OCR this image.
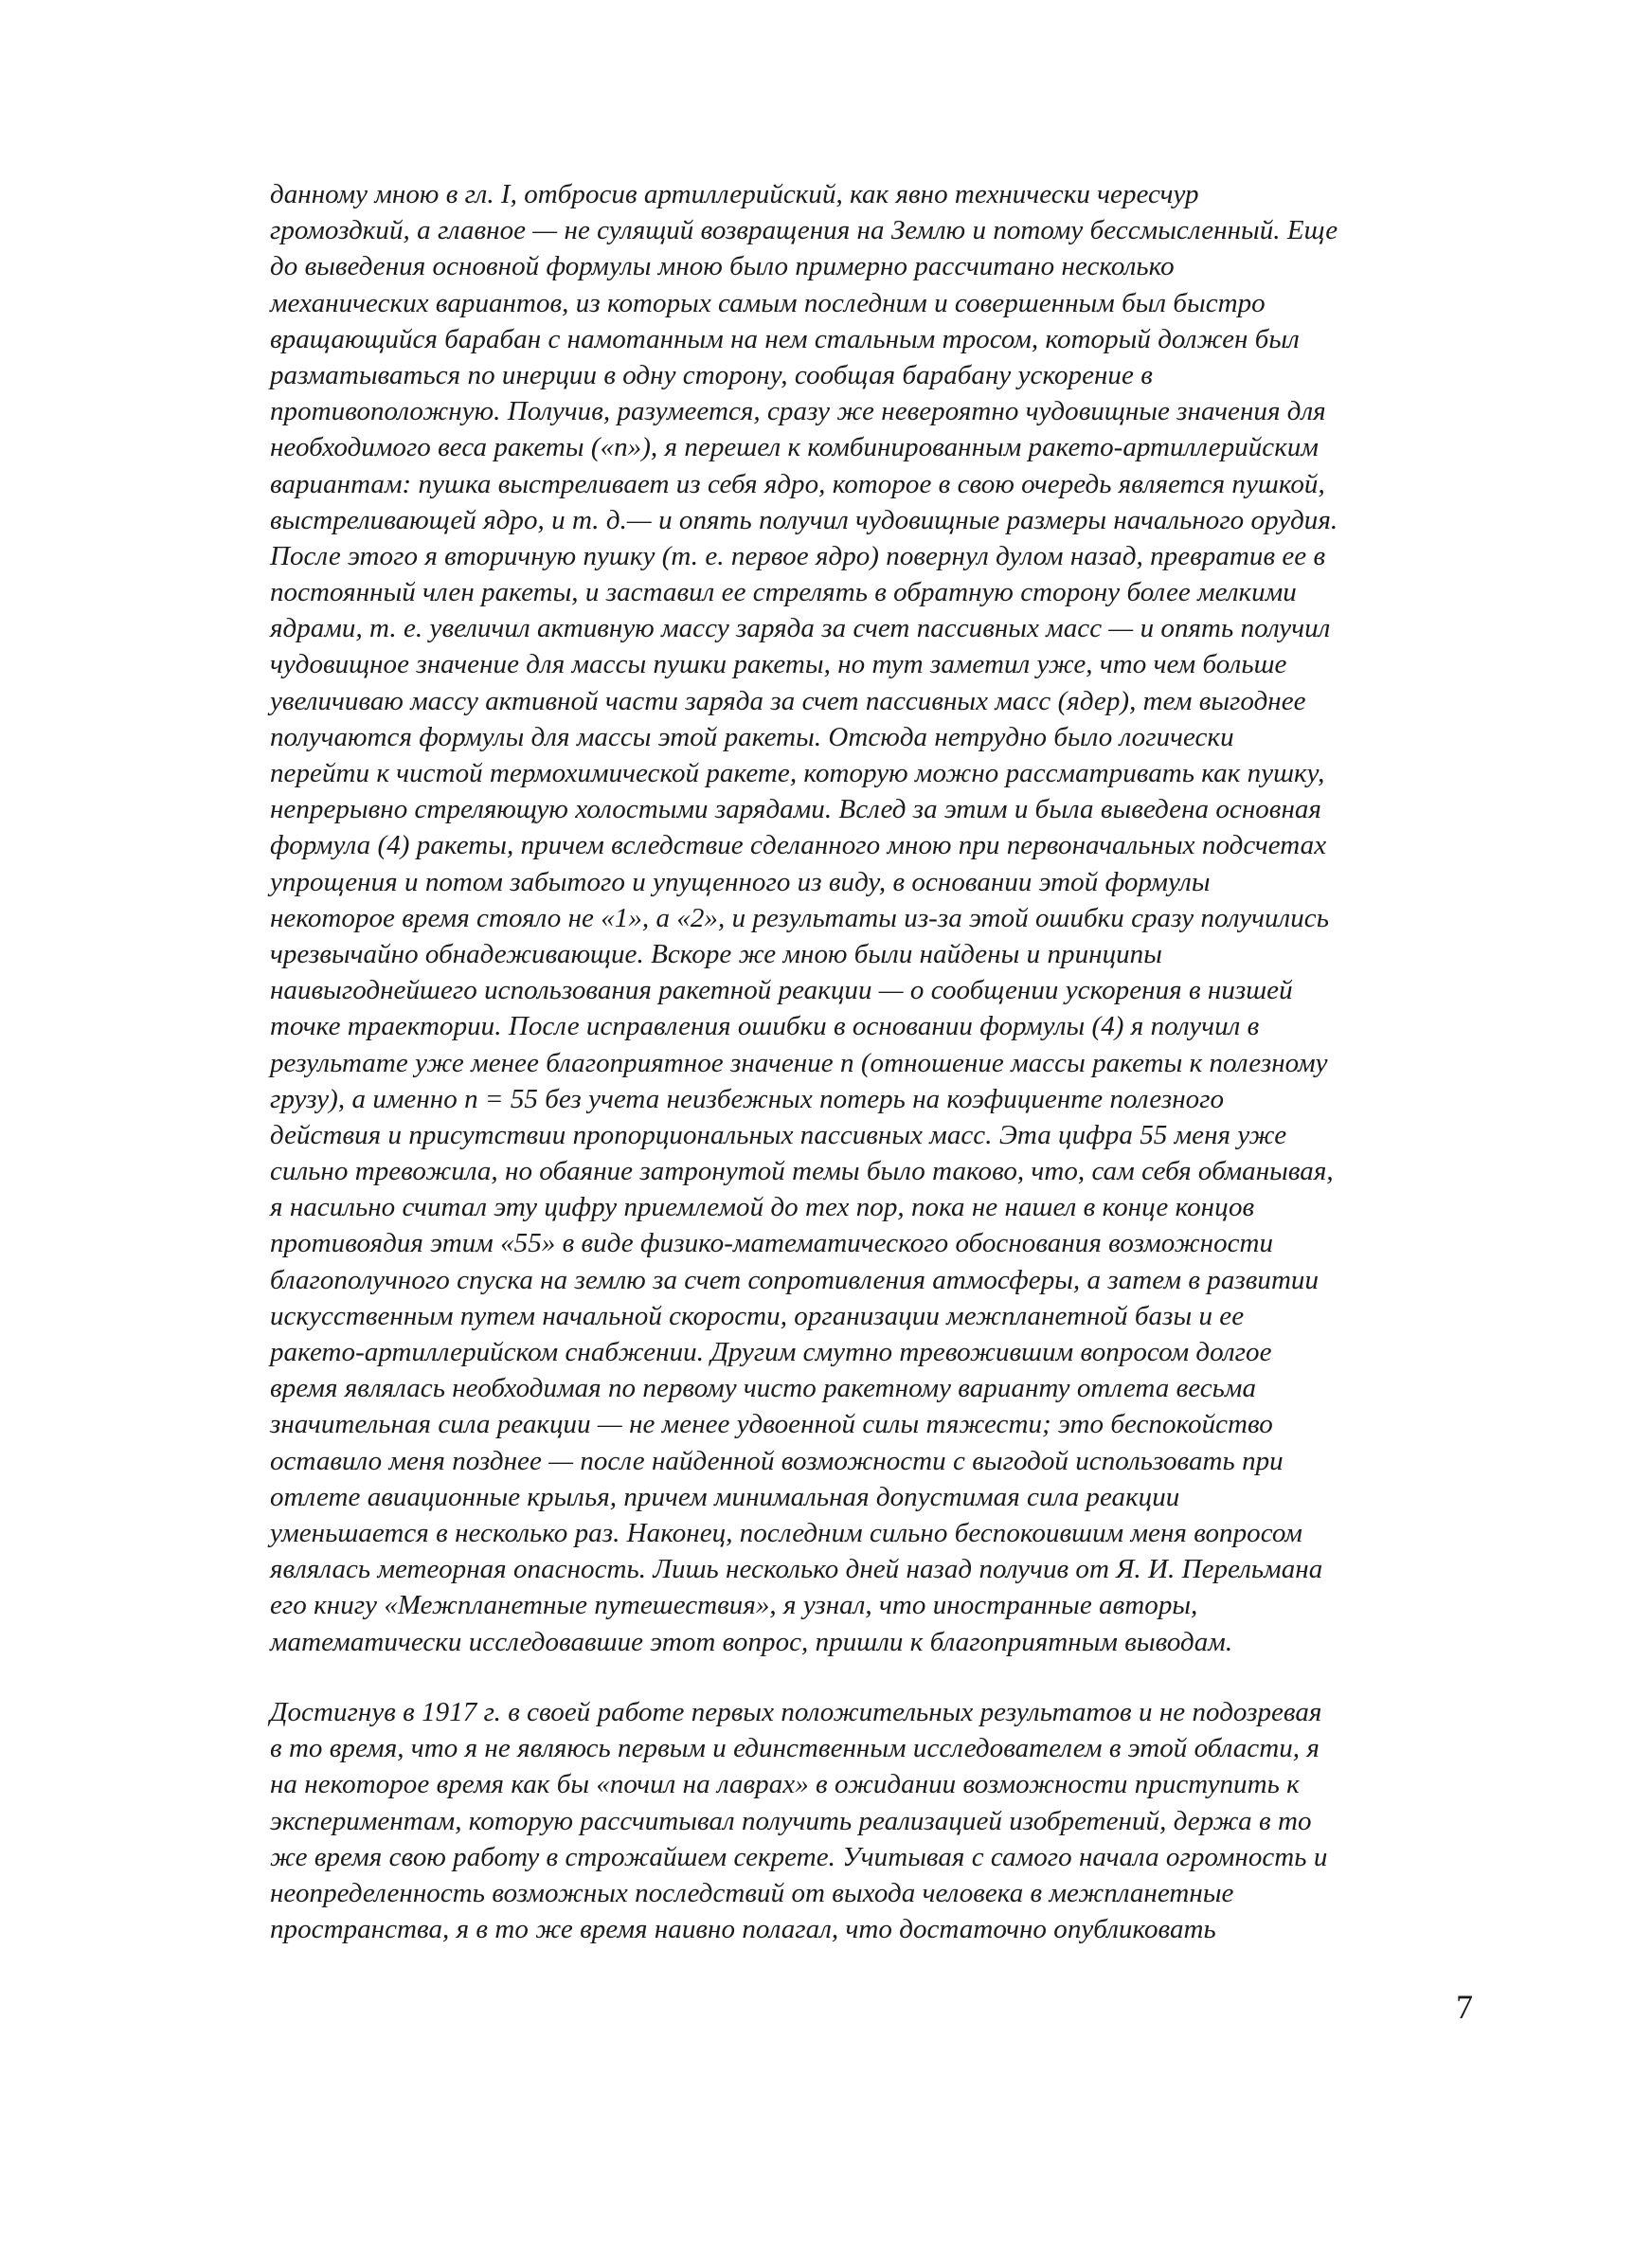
данному мною в гл. I, отбросив артиллерийский, как явно технически чересчур
громоздкий, а главное — не сулящий возвращения на Землю и потому бессмысленный. Еще
до выведения основной формулы мною было примерно рассчитано несколько
механических вариантов, из которых самым последним и совершенным был быстро
вращающийся барабан с намотанным на нем стальным тросом, который должен был
разматываться по инерции в одну сторону, сообщая барабану ускорение в
противоположную. Получив, разумеется, сразу же невероятно чудовищные значения для
необходимого веса ракеты («n»), я перешел к комбинированным ракето-артиллерийским
вариантам: пушка выстреливает из себя ядро, которое в свою очередь является пушкой,
выстреливающей ядро, и т. д.— и опять получил чудовищные размеры начального орудия.
После этого я вторичную пушку (т. е. первое ядро) повернул дулом назад, превратив ее в
постоянный член ракеты, и заставил ее стрелять в обратную сторону более мелкими
ядрами, т. е. увеличил активную массу заряда за счет пассивных масс — и опять получил
чудовищное значение для массы пушки ракеты, но тут заметил уже, что чем больше
увеличиваю массу активной части заряда за счет пассивных масс (ядер), тем выгоднее
получаются формулы для массы этой ракеты. Отсюда нетрудно было логически
перейти к чистой термохимической ракете, которую можно рассматривать как пушку,
непрерывно стреляющую холостыми зарядами. Вслед за этим и была выведена основная
формула (4) ракеты, причем вследствие сделанного мною при первоначальных подсчетах
упрощения и потом забытого и упущенного из виду, в основании этой формулы
некоторое время стояло не «1», а «2», и результаты из-за этой ошибки сразу получились
чрезвычайно обнадеживающие. Вскоре же мною были найдены и принципы
наивыгоднейшего использования ракетной реакции — о сообщении ускорения в низшей
точке траектории. После исправления ошибки в основании формулы (4) я получил в
результате уже менее благоприятное значение n (отношение массы ракеты к полезному
грузу), а именно n = 55 без учета неизбежных потерь на коэфициенте полезного
действия и присутствии пропорциональных пассивных масс. Эта цифра 55 меня уже
сильно тревожила, но обаяние затронутой темы было таково, что, сам себя обманывая,
я насильно считал эту цифру приемлемой до тех пор, пока не нашел в конце концов
противоядия этим «55» в виде физико-математического обоснования возможности
благополучного спуска на землю за счет сопротивления атмосферы, а затем в развитии
искусственным путем начальной скорости, организации межпланетной базы и ее
ракето-артиллерийском снабжении. Другим смутно тревожившим вопросом долгое
время являлась необходимая по первому чисто ракетному варианту отлета весьма
значительная сила реакции — не менее удвоенной силы тяжести; это беспокойство
оставило меня позднее — после найденной возможности с выгодой использовать при
отлете авиационные крылья, причем минимальная допустимая сила реакции
уменьшается в несколько раз. Наконец, последним сильно беспокоившим меня вопросом
являлась метеорная опасность. Лишь несколько дней назад получив от Я. И. Перельмана
его книгу «Межпланетные путешествия», я узнал, что иностранные авторы,
математически исследовавшие этот вопрос, пришли к благоприятным выводам.
Достигнув в 1917 г. в своей работе первых положительных результатов и не подозревая
в то время, что я не являюсь первым и единственным исследователем в этой области, я
на некоторое время как бы «почил на лаврах» в ожидании возможности приступить к
экспериментам, которую рассчитывал получить реализацией изобретений, держа в то
же время свою работу в строжайшем секрете. Учитывая с самого начала огромность и
неопределенность возможных последствий от выхода человека в межпланетные
пространства, я в то же время наивно полагал, что достаточно опубликовать
7
